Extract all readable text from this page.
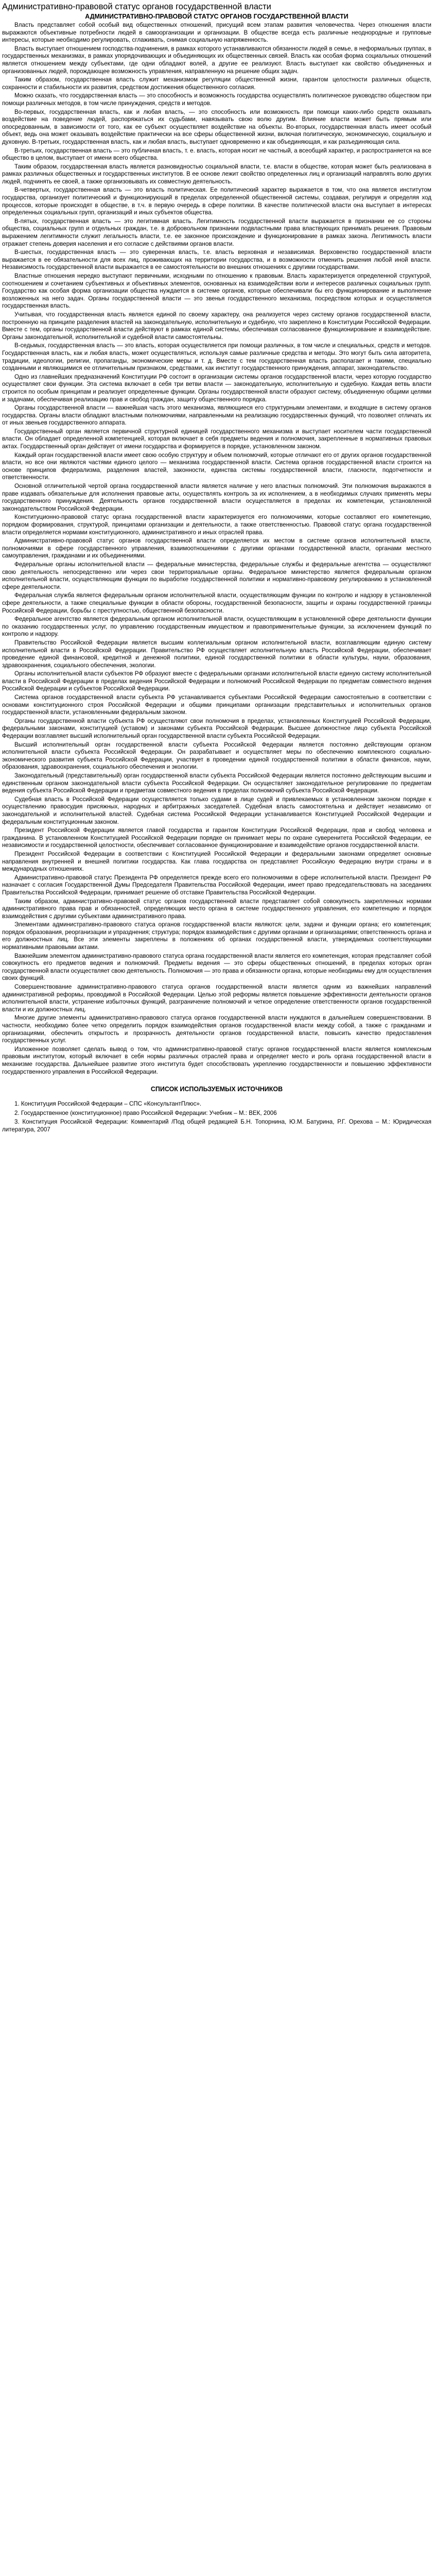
Административно-правовой статус органов государственной власти
АДМИНИСТРАТИВНО-ПРАВОВОЙ СТАТУС ОРГАНОВ ГОСУДАРСТВЕННОЙ ВЛАСТИ

Власть представляет собой особый вид общественных отношений, присущий всем этапам развития человечества. Через отношения власти выражаются объективные потребности людей в самоорганизации и организации. В обществе всегда есть различные неоднородные и групповые интересы, которые необходимо регулировать, сглаживать, снимая социальную напряженность.

Власть выступает отношением господства-подчинения, в рамках которого устанавливаются обязанности людей в семье, в неформальных группах, в государственных механизмах, в рамках упорядочивающих и объединяющих их общественных связей. Власть как особая форма социальных отношений является отношением между субъектами, где одни обладают волей, а другие ее реализуют. Власть выступает как свойство объединенных и организованных людей, порождающее возможность управления, направленную на решение общих задач.

Таким образом, государственная власть служит механизмом регуляции общественной жизни, гарантом целостности различных обществ, сохранности и стабильности их развития, средством достижения общественного согласия.

Можно сказать, что государственная власть — это способность и возможность государства осуществлять политическое руководство обществом при помощи различных методов, в том числе принуждения, средств и методов.

Во-первых, государственная власть, как и любая власть, — это способность или возможность при помощи каких-либо средств оказывать воздействие на поведение людей, распоряжаться их судьбами, навязывать свою волю другим. Влияние власти может быть прямым или опосредованным, в зависимости от того, как ее субъект осуществляет воздействие на объекты. Во-вторых, государственная власть имеет особый объект, ведь она может оказывать воздействие практически на все сферы общественной жизни, включая политическую, экономическую, социальную и духовную. В-третьих, государственная власть, как и любая власть, выступает одновременно и как объединяющая, и как разъединяющая сила.

В-третьих, государственная власть — это публичная власть, т. е. власть, которая носит не частный, а всеобщий характер, и распространяется на все общество в целом, выступает от имени всего общества.

Таким образом, государственная власть является разновидностью социальной власти, т.е. власти в обществе, которая может быть реализована в рамках различных общественных и государственных институтов. В ее основе лежит свойство определенных лиц и организаций направлять волю других людей, подчинять ее своей, а также организовывать их совместную деятельность.

В-четвертых, государственная власть — это власть политическая. Ее политический характер выражается в том, что она является институтом государства, организует политический и функционирующий в пределах определенной общественной системы, создавая, регулируя и определяя ход процессов, которые происходят в обществе, в т.ч. в первую очередь в сфере политики. В качестве политической власти она выступает в интересах определенных социальных групп, организаций и иных субъектов общества.

В-пятых, государственная власть — это легитимная власть. Легитимность государственной власти выражается в признании ее со стороны общества, социальных групп и отдельных граждан, т.е. в добровольном признании подвластными права властвующих принимать решения. Правовым выражением легитимности служит легальность власти, т.е. ее законное происхождение и функционирование в рамках закона. Легитимность власти отражает степень доверия населения и его согласие с действиями органов власти.

В-шестых, государственная власть — это суверенная власть, т.е. власть верховная и независимая. Верховенство государственной власти выражается в ее обязательности для всех лиц, проживающих на территории государства, и в возможности отменить решения любой иной власти. Независимость государственной власти выражается в ее самостоятельности во внешних отношениях с другими государствами.

Властные отношения нередко выступают первичными, исходными по отношению к правовым. Власть характеризуется определенной структурой, соотношением и сочетанием субъективных и объективных элементов, основанных на взаимодействии воли и интересов различных социальных групп. Государство как особая форма организации общества нуждается в системе органов, которые обеспечивали бы его функционирование и выполнение возложенных на него задач. Органы государственной власти — это звенья государственного механизма, посредством которых и осуществляется государственная власть.

Учитывая, что государственная власть является единой по своему характеру, она реализуется через систему органов государственной власти, построенную на принципе разделения властей на законодательную, исполнительную и судебную, что закреплено в Конституции Российской Федерации. Вместе с тем, органы государственной власти действуют в рамках единой системы, обеспечивая согласованное функционирование и взаимодействие. Органы законодательной, исполнительной и судебной власти самостоятельны.

В-седьмых, государственная власть — это власть, которая осуществляется при помощи различных, в том числе и специальных, средств и методов. Государственная власть, как и любая власть, может осуществляться, используя самые различные средства и методы. Это могут быть сила авторитета, традиции, идеологии, религии, пропаганды, экономические меры и т. д. Вместе с тем государственная власть располагает и такими, специально созданными и являющимися ее отличительным признаком, средствами, как институт государственного принуждения, аппарат, законодательство.

Одно из главнейших предназначений Конституции РФ состоит в организации системы органов государственной власти, через которую государство осуществляет свои функции. Эта система включает в себя три ветви власти — законодательную, исполнительную и судебную. Каждая ветвь власти строится по особым принципам и реализует определенные функции. Органы государственной власти образуют систему, объединенную общими целями и задачами, обеспечивая реализацию прав и свобод граждан, защиту общественного порядка.

Органы государственной власти — важнейшая часть этого механизма, являющиеся его структурными элементами, и входящие в систему органов государства. Органы власти обладают властными полномочиями, направленными на реализацию государственных функций, что позволяет отличать их от иных звеньев государственного аппарата.

Государственный орган является первичной структурной единицей государственного механизма и выступает носителем части государственной власти. Он обладает определенной компетенцией, которая включает в себя предметы ведения и полномочия, закрепленные в нормативных правовых актах. Государственный орган действует от имени государства и формируется в порядке, установленном законом.

Каждый орган государственной власти имеет свою особую структуру и объем полномочий, которые отличают его от других органов государственной власти, но все они являются частями единого целого — механизма государственной власти. Система органов государственной власти строится на основе принципов федерализма, разделения властей, законности, единства системы государственной власти, гласности, подотчетности и ответственности.

Основной отличительной чертой органа государственной власти является наличие у него властных полномочий. Эти полномочия выражаются в праве издавать обязательные для исполнения правовые акты, осуществлять контроль за их исполнением, а в необходимых случаях применять меры государственного принуждения. Деятельность органов государственной власти осуществляется в пределах их компетенции, установленной законодательством Российской Федерации.

Конституционно-правовой статус органа государственной власти характеризуется его полномочиями, которые составляют его компетенцию, порядком формирования, структурой, принципами организации и деятельности, а также ответственностью. Правовой статус органа государственной власти определяется нормами конституционного, административного и иных отраслей права.

Административно-правовой статус органов государственной власти определяется их местом в системе органов исполнительной власти, полномочиями в сфере государственного управления, взаимоотношениями с другими органами государственной власти, органами местного самоуправления, гражданами и их объединениями.

Федеральные органы исполнительной власти — федеральные министерства, федеральные службы и федеральные агентства — осуществляют свою деятельность непосредственно или через свои территориальные органы. Федеральное министерство является федеральным органом исполнительной власти, осуществляющим функции по выработке государственной политики и нормативно-правовому регулированию в установленной сфере деятельности.

Федеральная служба является федеральным органом исполнительной власти, осуществляющим функции по контролю и надзору в установленной сфере деятельности, а также специальные функции в области обороны, государственной безопасности, защиты и охраны государственной границы Российской Федерации, борьбы с преступностью, общественной безопасности.

Федеральное агентство является федеральным органом исполнительной власти, осуществляющим в установленной сфере деятельности функции по оказанию государственных услуг, по управлению государственным имуществом и правоприменительные функции, за исключением функций по контролю и надзору.

Правительство Российской Федерации является высшим коллегиальным органом исполнительной власти, возглавляющим единую систему исполнительной власти в Российской Федерации. Правительство РФ осуществляет исполнительную власть Российской Федерации, обеспечивает проведение единой финансовой, кредитной и денежной политики, единой государственной политики в области культуры, науки, образования, здравоохранения, социального обеспечения, экологии.

Органы исполнительной власти субъектов РФ образуют вместе с федеральными органами исполнительной власти единую систему исполнительной власти в Российской Федерации в пределах ведения Российской Федерации и полномочий Российской Федерации по предметам совместного ведения Российской Федерации и субъектов Российской Федерации.

Система органов государственной власти субъекта РФ устанавливается субъектами Российской Федерации самостоятельно в соответствии с основами конституционного строя Российской Федерации и общими принципами организации представительных и исполнительных органов государственной власти, установленными федеральным законом.

Органы государственной власти субъекта РФ осуществляют свои полномочия в пределах, установленных Конституцией Российской Федерации, федеральными законами, конституцией (уставом) и законами субъекта Российской Федерации. Высшее должностное лицо субъекта Российской Федерации возглавляет высший исполнительный орган государственной власти субъекта Российской Федерации.

Высший исполнительный орган государственной власти субъекта Российской Федерации является постоянно действующим органом исполнительной власти субъекта Российской Федерации. Он разрабатывает и осуществляет меры по обеспечению комплексного социально-экономического развития субъекта Российской Федерации, участвует в проведении единой государственной политики в области финансов, науки, образования, здравоохранения, социального обеспечения и экологии.

Законодательный (представительный) орган государственной власти субъекта Российской Федерации является постоянно действующим высшим и единственным органом законодательной власти субъекта Российской Федерации. Он осуществляет законодательное регулирование по предметам ведения субъекта Российской Федерации и предметам совместного ведения в пределах полномочий субъекта Российской Федерации.

Судебная власть в Российской Федерации осуществляется только судами в лице судей и привлекаемых в установленном законом порядке к осуществлению правосудия присяжных, народных и арбитражных заседателей. Судебная власть самостоятельна и действует независимо от законодательной и исполнительной властей. Судебная система Российской Федерации устанавливается Конституцией Российской Федерации и федеральным конституционным законом.

Президент Российской Федерации является главой государства и гарантом Конституции Российской Федерации, прав и свобод человека и гражданина. В установленном Конституцией Российской Федерации порядке он принимает меры по охране суверенитета Российской Федерации, ее независимости и государственной целостности, обеспечивает согласованное функционирование и взаимодействие органов государственной власти.

Президент Российской Федерации в соответствии с Конституцией Российской Федерации и федеральными законами определяет основные направления внутренней и внешней политики государства. Как глава государства он представляет Российскую Федерацию внутри страны и в международных отношениях.

Административно-правовой статус Президента РФ определяется прежде всего его полномочиями в сфере исполнительной власти. Президент РФ назначает с согласия Государственной Думы Председателя Правительства Российской Федерации, имеет право председательствовать на заседаниях Правительства Российской Федерации, принимает решение об отставке Правительства Российской Федерации.

Таким образом, административно-правовой статус органов государственной власти представляет собой совокупность закрепленных нормами административного права прав и обязанностей, определяющих место органа в системе государственного управления, его компетенцию и порядок взаимодействия с другими субъектами административного права.

Элементами административно-правового статуса органов государственной власти являются: цели, задачи и функции органа; его компетенция; порядок образования, реорганизации и упразднения; структура; порядок взаимодействия с другими органами и организациями; ответственность органа и его должностных лиц. Все эти элементы закреплены в положениях об органах государственной власти, утверждаемых соответствующими нормативными правовыми актами.

Важнейшим элементом административно-правового статуса органа государственной власти является его компетенция, которая представляет собой совокупность его предметов ведения и полномочий. Предметы ведения — это сферы общественных отношений, в пределах которых орган государственной власти осуществляет свою деятельность. Полномочия — это права и обязанности органа, которые необходимы ему для осуществления своих функций.

Совершенствование административно-правового статуса органов государственной власти является одним из важнейших направлений административной реформы, проводимой в Российской Федерации. Целью этой реформы является повышение эффективности деятельности органов исполнительной власти, устранение избыточных функций, разграничение полномочий и четкое определение ответственности органов государственной власти и их должностных лиц.

Многие другие элементы административно-правового статуса органов государственной власти нуждаются в дальнейшем совершенствовании. В частности, необходимо более четко определить порядок взаимодействия органов государственной власти между собой, а также с гражданами и организациями, обеспечить открытость и прозрачность деятельности органов государственной власти, повысить качество предоставления государственных услуг.

Изложенное позволяет сделать вывод о том, что административно-правовой статус органов государственной власти является комплексным правовым институтом, который включает в себя нормы различных отраслей права и определяет место и роль органа государственной власти в механизме государства. Дальнейшее развитие этого института будет способствовать укреплению государственности и повышению эффективности государственного управления в Российской Федерации.

СПИСОК ИСПОЛЬЗУЕМЫХ ИСТОЧНИКОВ

1. Конституция Российской Федерации – СПС «КонсультантПлюс».

2. Государственное (конституционное) право Российской Федерации: Учебник – М.: ВЕК, 2006

3. Конституция Российской Федерации: Комментарий /Под общей редакцией Б.Н. Топорнина, Ю.М. Батурина, Р.Г. Орехова – М.: Юридическая литература, 2007
